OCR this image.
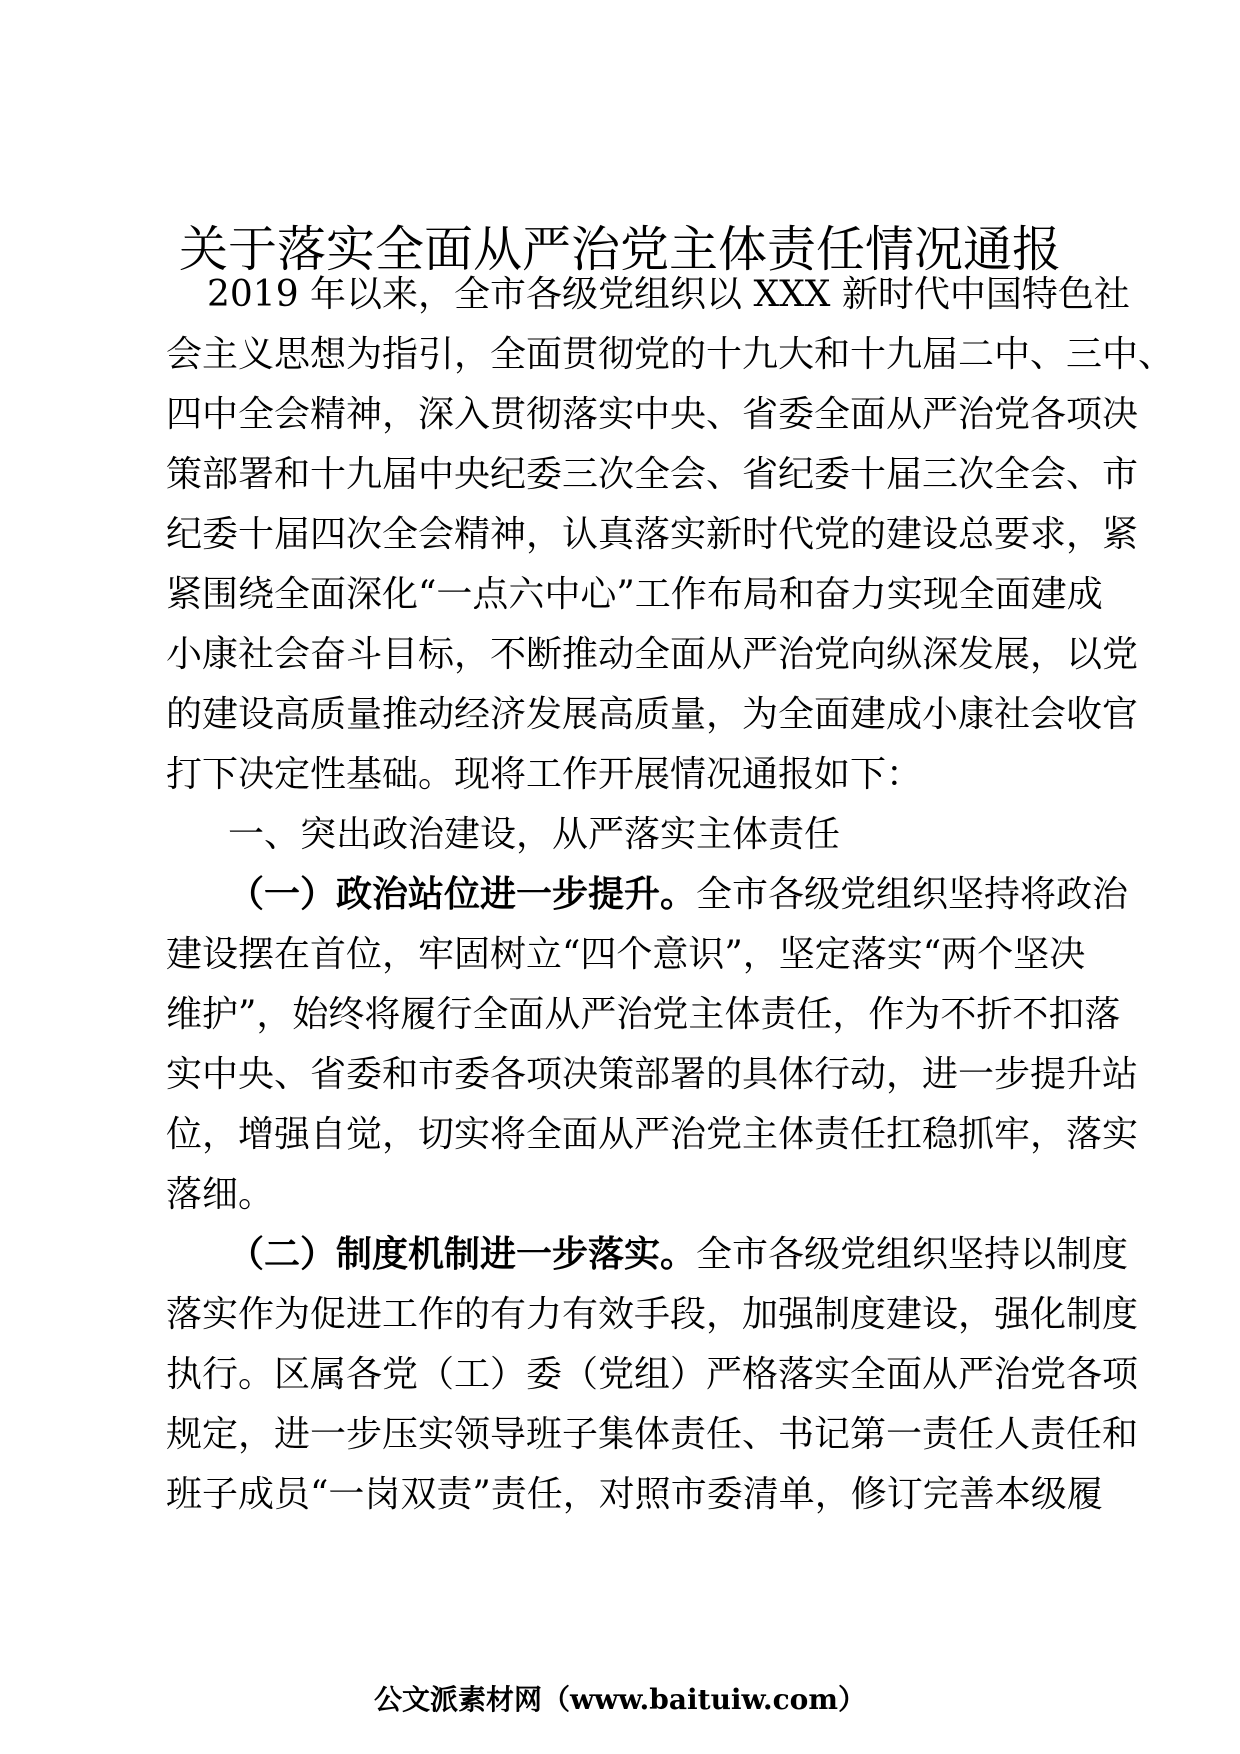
关于落实全面从严治党主体责任情况通报
2019 年以来，全市各级党组织以 XXX 新时代中国特色社
会主义思想为指引，全面贯彻党的十九大和十九届二中、三中、
四中全会精神，深入贯彻落实中央、省委全面从严治党各项决
策部署和十九届中央纪委三次全会、省纪委十届三次全会、市
纪委十届四次全会精神，认真落实新时代党的建设总要求，紧
紧围绕全面深化“一点六中心”工作布局和奋力实现全面建成
小康社会奋斗目标，不断推动全面从严治党向纵深发展，以党
的建设高质量推动经济发展高质量，为全面建成小康社会收官
打下决定性基础。现将工作开展情况通报如下：
一、突出政治建设，从严落实主体责任
（一）政治站位进一步提升。全市各级党组织坚持将政治
建设摆在首位，牢固树立“四个意识”，坚定落实“两个坚决
维护”，始终将履行全面从严治党主体责任，作为不折不扣落
实中央、省委和市委各项决策部署的具体行动，进一步提升站
位，增强自觉，切实将全面从严治党主体责任扛稳抓牢，落实
落细。
（二）制度机制进一步落实。全市各级党组织坚持以制度
落实作为促进工作的有力有效手段，加强制度建设，强化制度
执行。区属各党（工）委（党组）严格落实全面从严治党各项
规定，进一步压实领导班子集体责任、书记第一责任人责任和
班子成员“一岗双责”责任，对照市委清单，修订完善本级履
公文派素材网（www.baituiw.com）
